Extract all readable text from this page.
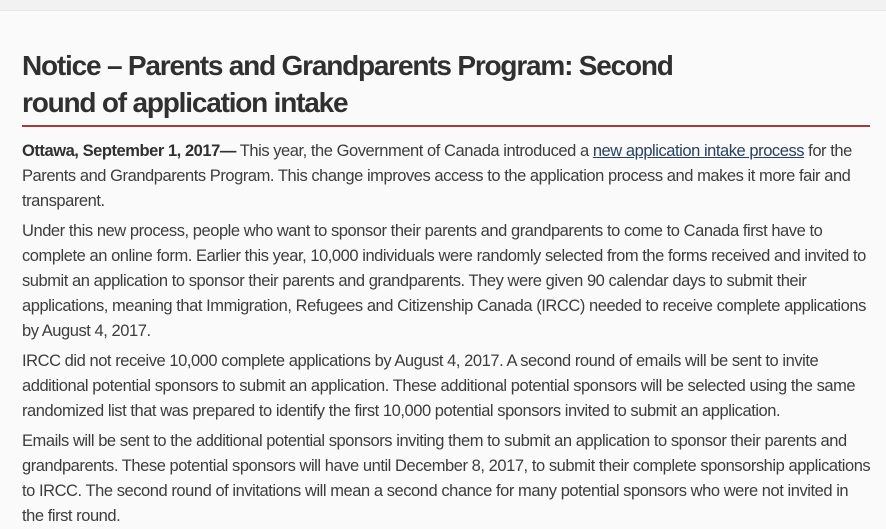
Notice – Parents and Grandparents Program: Second round of application intake

Ottawa, September 1, 2017— This year, the Government of Canada introduced a new application intake process for the Parents and Grandparents Program. This change improves access to the application process and makes it more fair and transparent.

Under this new process, people who want to sponsor their parents and grandparents to come to Canada first have to complete an online form. Earlier this year, 10,000 individuals were randomly selected from the forms received and invited to submit an application to sponsor their parents and grandparents. They were given 90 calendar days to submit their applications, meaning that Immigration, Refugees and Citizenship Canada (IRCC) needed to receive complete applications by August 4, 2017.

IRCC did not receive 10,000 complete applications by August 4, 2017. A second round of emails will be sent to invite additional potential sponsors to submit an application. These additional potential sponsors will be selected using the same randomized list that was prepared to identify the first 10,000 potential sponsors invited to submit an application.

Emails will be sent to the additional potential sponsors inviting them to submit an application to sponsor their parents and grandparents. These potential sponsors will have until December 8, 2017, to submit their complete sponsorship applications to IRCC. The second round of invitations will mean a second chance for many potential sponsors who were not invited in the first round.
